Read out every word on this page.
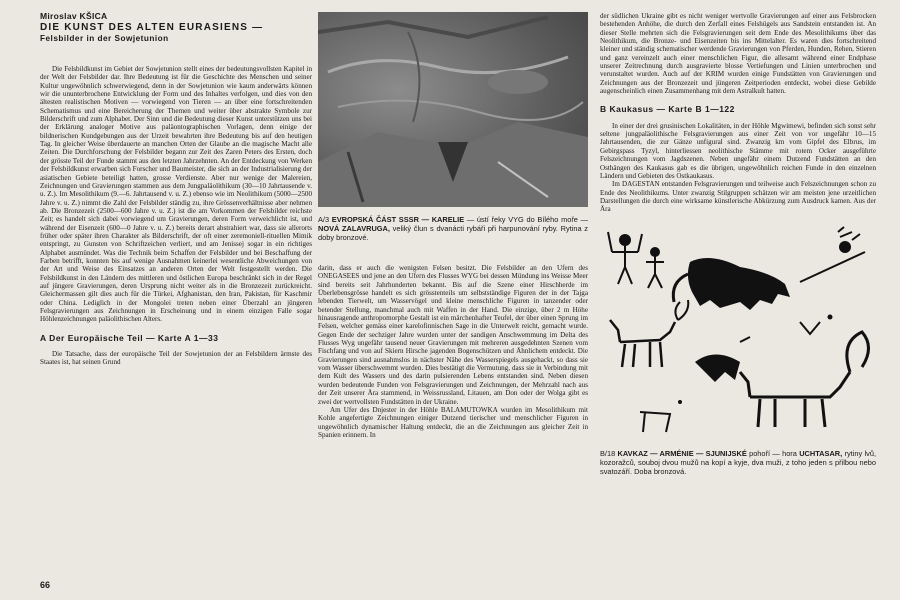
Miroslav KŠICA
DIE KUNST DES ALTEN EURASIENS —
Felsbilder in der Sowjetunion

Die Felsbildkunst im Gebiet der Sowjetunion stellt eines der bedeutungsvollsten Kapitel in der Welt der Felsbilder dar. Ihre Bedeutung ist für die Geschichte des Menschen und seiner Kultur ungewöhnlich schwerwiegend, denn in der Sowjetunion wie kaum anderwärts können wir die ununterbrochene Entwicklung der Form und des Inhaltes verfolgen, und dies von den ältesten realistischen Motiven — vorwiegend von Tieren — an über eine fortschreitenden Schematismus und eine Bereicherung der Themen und weiter über abstrakte Symbole zur Bilderschrift und zum Alphabet. Der Sinn und die Bedeutung dieser Kunst unterstützen uns bei der Erklärung analoger Motive aus paläontographischen Vorlagen, denn einige der bildnerischen Kundgebungen aus der Urzeit bewahrten ihre Bedeutung bis auf den heutigen Tag. In gleicher Weise überdauerte an manchen Orten der Glaube an die magische Macht alle Zeiten. Die Durchforschung der Felsbilder begann zur Zeit des Zaren Peters des Ersten, doch der grösste Teil der Funde stammt aus den letzten Jahrzehnten. An der Entdeckung von Werken der Felsbildkunst erwarben sich Forscher und Baumeister, die sich an der Industrialisierung der asiatischen Gebiete beteiligt hatten, grosse Verdienste. Aber nur wenige der Malereien, Zeichnungen und Gravierungen stammen aus dem Jungpaläolithikum (30—10 Jahrtausende v. u. Z.). Im Mesolithikum (9.—6. Jahrtausend v. u. Z.) ebenso wie im Neolithikum (5000—2500 Jahre v. u. Z.) nimmt die Zahl der Felsbilder ständig zu, ihre Grössenverhältnisse aber nehmen ab. Die Bronzezeit (2500—600 Jahre v. u. Z.) ist die am Vorkommen der Felsbilder reichste Zeit; es handelt sich dabei vorwiegend um Gravierungen, deren Form verweichlicht ist, und während der Eisenzeit (600—0 Jahre v. u. Z.) bereits derart abstrahiert war, dass sie allerorts früher oder später ihren Charakter als Bilderschrift, der oft einer zeremoniell-rituellen Mimik entspringt, zu Gunsten von Schriftzeichen verliert, und am Jenissej sogar in ein richtiges Alphabet ausmündet. Was die Technik beim Schaffen der Felsbilder und bei Beschaffung der Farben betrifft, konnten bis auf wenige Ausnahmen keinerlei wesentliche Abweichungen von der Art und Weise des Einsatzes an anderen Orten der Welt festgestellt werden. Die Felsbildkunst in den Ländern des mittleren und östlichen Europa beschränkt sich in der Regel auf jüngere Gravierungen, deren Ursprung nicht weiter als in die Bronzezeit zurückreicht. Gleichermassen gilt dies auch für die Türkei, Afghanistan, den Iran, Pakistan, für Kaschmir oder China. Lediglich in der Mongolei treten neben einer Überzahl an jüngeren Felsgravierungen aus Zeichnungen in Erscheinung und in einem einzigen Falle sogar Höhlenzeichnungen paläolithischen Alters.

A Der Europäische Teil — Karte A 1—33

Die Tatsache, dass der europäische Teil der Sowjetunion der an Felsbildern ärmste des Staates ist, hat seinen Grund

A/3 EVROPSKÁ ČÁST SSSR — KARELIE — ústí řeky VYG do Bílého moře — NOVÁ ZALAVRUGA, veliký člun s dvanácti rybáři při harpunování ryby. Rytina z doby bronzové.

darin, dass er auch die wenigsten Felsen besitzt. Die Felsbilder an den Ufern des ONEGASEES und jene an den Ufern des Flusses WYG bei dessen Mündung ins Weisse Meer sind bereits seit Jahrhunderten bekannt. Bis auf die Szene einer Hirschherde im Überlebensgrösse handelt es sich grösstenteils um selbstständige Figuren der in der Tajga lebenden Tierwelt, um Wasservögel und kleine menschliche Figuren in tanzender oder betender Stellung, manchmal auch mit Waffen in der Hand. Die einzige, über 2 m Höhe hinausragende anthropomorphe Gestalt ist ein märchenhafter Teufel, der über einen Sprung im Felsen, welcher gemäss einer karelofinnischen Sage in die Unterwelt reicht, gemacht wurde. Gegen Ende der sechziger Jahre wurden unter der sandigen Anschwemmung im Delta des Flusses Wyg ungefähr tausend neuer Gravierungen mit mehreren ausgedehnten Szenen vom Fischfang und von auf Skiern Hirsche jagenden Bogenschützen und Ähnlichem entdeckt. Die Gravierungen sind ausnahmslos in nächster Nähe des Wasserspiegels ausgehackt, so dass sie vom Wasser überschwemmt wurden. Dies bestätigt die Vermutung, dass sie in Verbindung mit dem Kult des Wassers und des darin pulsierenden Lebens entstanden sind. Neben diesen wurden bedeutende Funden von Felsgravierungen und Zeichnungen, der Mehrzahl nach aus der Zeit unserer Ära stammend, in Weissrussland, Litauen, am Don oder der Wolga gibt es zwei der wertvollsten Fundstätten in der Ukraine.

Am Ufer des Dnjester in der Höhle BALAMUTOWKA wurden im Mesolithikum mit Kohle angefertigte Zeichnungen einiger Dutzend tierischer und menschlicher Figuren in ungewöhnlich dynamischer Haltung entdeckt, die an die Zeichnungen aus gleicher Zeit in Spanien erinnern. In

der südlichen Ukraine gibt es nicht weniger wertvolle Gravierungen auf einer aus Felsbrocken bestehenden Anhöhe, die durch den Zerfall eines Felshügels aus Sandstein entstanden ist. An dieser Stelle mehrten sich die Felsgravierungen seit dem Ende des Mesolithikums über das Neolithikum, die Bronze- und Eisenzeiten bis ins Mittelalter. Es waren dies fortschreitend kleiner und ständig schematischer werdende Gravierungen von Pferden, Hunden, Rehen, Stieren und ganz vereinzelt auch einer menschlichen Figur, die allesamt während einer Endphase unserer Zeitrechnung durch ausgravierte blosse Vertiefungen und Linien unterbrochen und verunstaltet wurden. Auch auf der KRIM wurden einige Fundstätten von Gravierungen und Zeichnungen aus der Bronzezeit und jüngeren Zeitperioden entdeckt, wobei diese Gebilde augenscheinlich einen Zusammenhang mit dem Astralkult hatten.

B Kaukasus — Karte B 1—122

In einer der drei grusinischen Lokalitäten, in der Höhle Mgwimewi, befinden sich sonst sehr seltene jungpaläolithische Felsgravierungen aus einer Zeit von vor ungefähr 10—15 Jahrtausenden, die zur Gänze unfigural sind. Zwanzig km vom Gipfel des Elbrus, im Gebirgspass Tyzyl, hinterliessen neolithische Stämme mit rotem Ocker ausgeführte Felszeichnungen vom Jagdszenen. Neben ungefähr einem Dutzend Fundstätten an den Osthängen des Kaukasus gab es die übrigen, ungewöhnlich reichen Funde in den einzelnen Ländern und Gebieten des Ostkaukasus.

Im DAGESTAN entstanden Felsgravierungen und teilweise auch Felszeichnungen schon zu Ende des Neolithikums. Unter zwanzig Stilgruppen schätzen wir am meisten jene urzeitlichen Darstellungen die durch eine wirksame künstlerische Abkürzung zum Ausdruck kamen. Aus der Ära

B/18 KAVKAZ — ARMÉNIE — SJUNIJSKÉ pohoří — hora UCHTASAR, rytiny lvů, kozoražců, souboj dvou mužů na kopí a kyje, dva muži, z toho jeden s přilbou nebo svatozáří. Doba bronzová.
66
